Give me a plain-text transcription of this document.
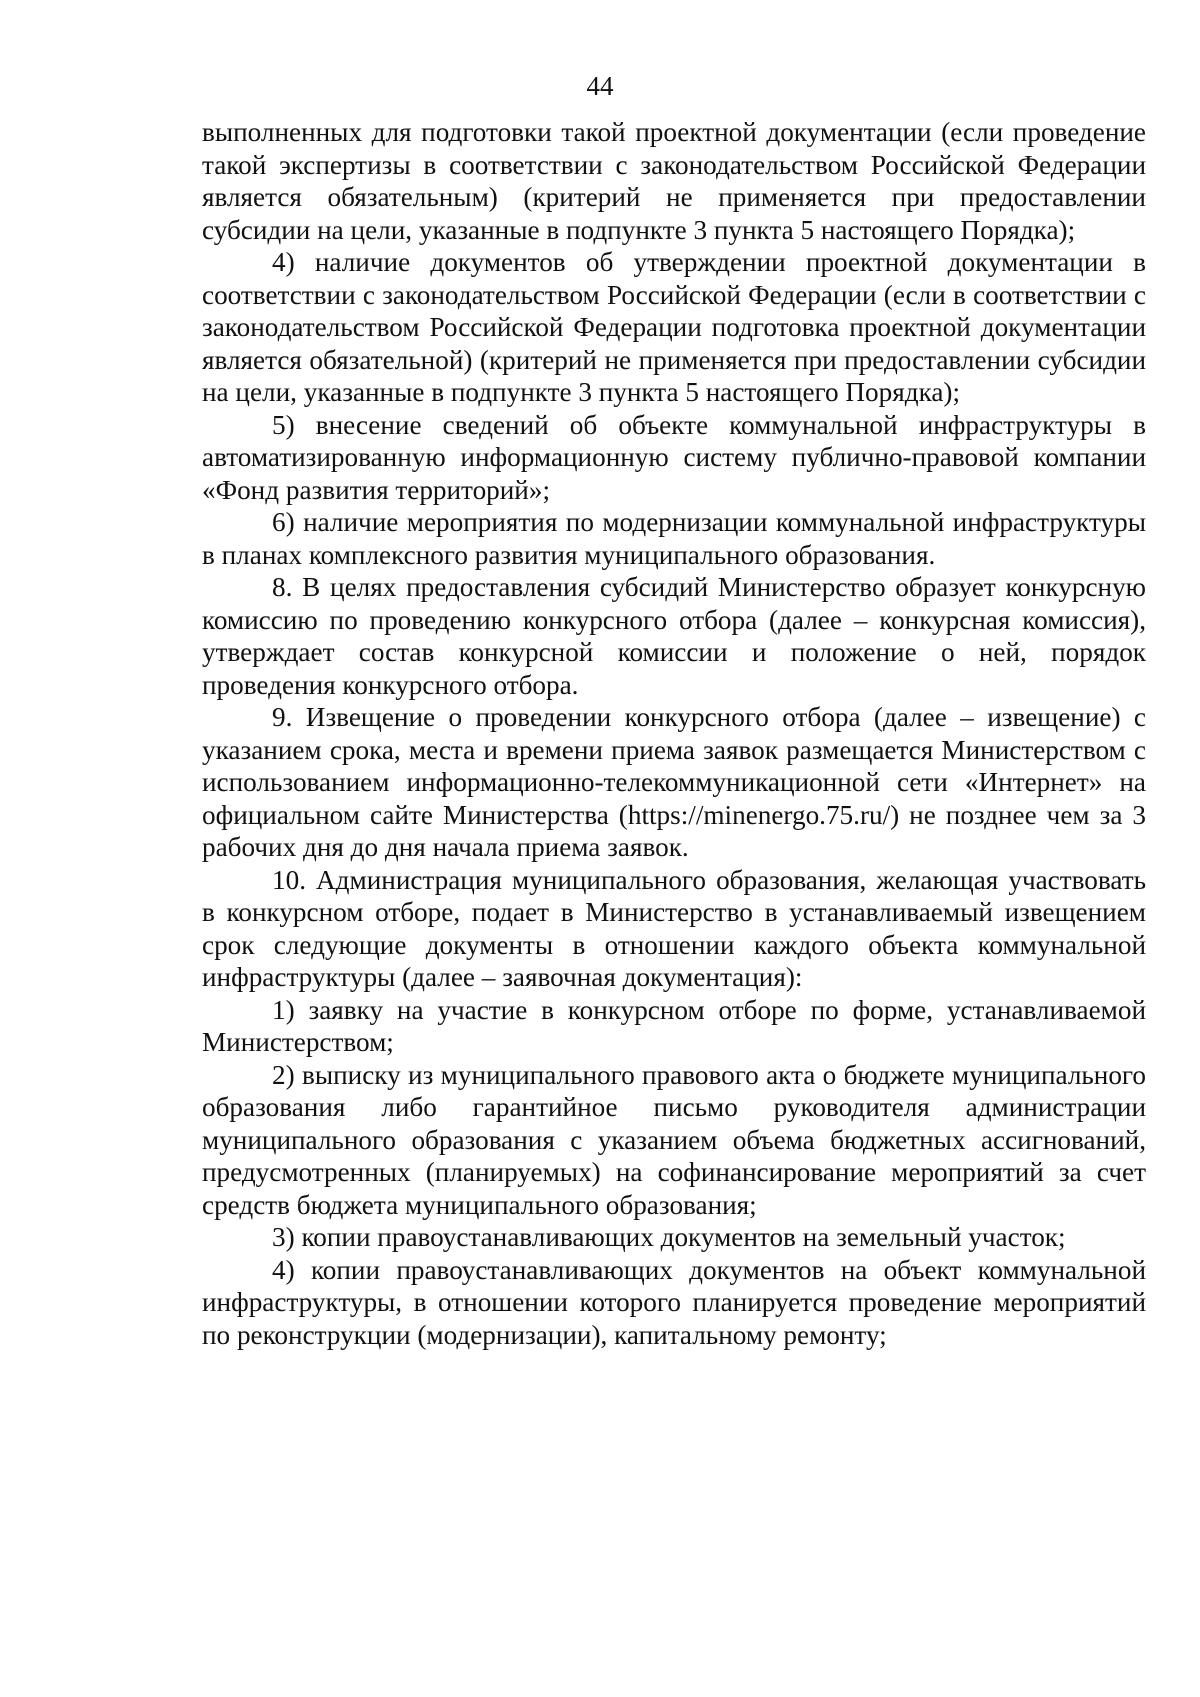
44

выполненных для подготовки такой проектной документации (если проведение такой экспертизы в соответствии с законодательством Российской Федерации является обязательным) (критерий не применяется при предоставлении субсидии на цели, указанные в подпункте 3 пункта 5 настоящего Порядка);

4) наличие документов об утверждении проектной документации в соответствии с законодательством Российской Федерации (если в соответствии с законодательством Российской Федерации подготовка проектной документации является обязательной) (критерий не применяется при предоставлении субсидии на цели, указанные в подпункте 3 пункта 5 настоящего Порядка);

5) внесение сведений об объекте коммунальной инфраструктуры в автоматизированную информационную систему публично-правовой компании «Фонд развития территорий»;

6) наличие мероприятия по модернизации коммунальной инфраструктуры в планах комплексного развития муниципального образования.

8. В целях предоставления субсидий Министерство образует конкурсную комиссию по проведению конкурсного отбора (далее – конкурсная комиссия), утверждает состав конкурсной комиссии и положение о ней, порядок проведения конкурсного отбора.

9. Извещение о проведении конкурсного отбора (далее – извещение) с указанием срока, места и времени приема заявок размещается Министерством с использованием информационно-телекоммуникационной сети «Интернет» на официальном сайте Министерства (https://minenergo.75.ru/) не позднее чем за 3 рабочих дня до дня начала приема заявок.

10. Администрация муниципального образования, желающая участвовать в конкурсном отборе, подает в Министерство в устанавливаемый извещением срок следующие документы в отношении каждого объекта коммунальной инфраструктуры (далее – заявочная документация):

1) заявку на участие в конкурсном отборе по форме, устанавливаемой Министерством;

2) выписку из муниципального правового акта о бюджете муниципального образования либо гарантийное письмо руководителя администрации муниципального образования с указанием объема бюджетных ассигнований, предусмотренных (планируемых) на софинансирование мероприятий за счет средств бюджета муниципального образования;

3) копии правоустанавливающих документов на земельный участок;

4) копии правоустанавливающих документов на объект коммунальной инфраструктуры, в отношении которого планируется проведение мероприятий по реконструкции (модернизации), капитальному ремонту;
